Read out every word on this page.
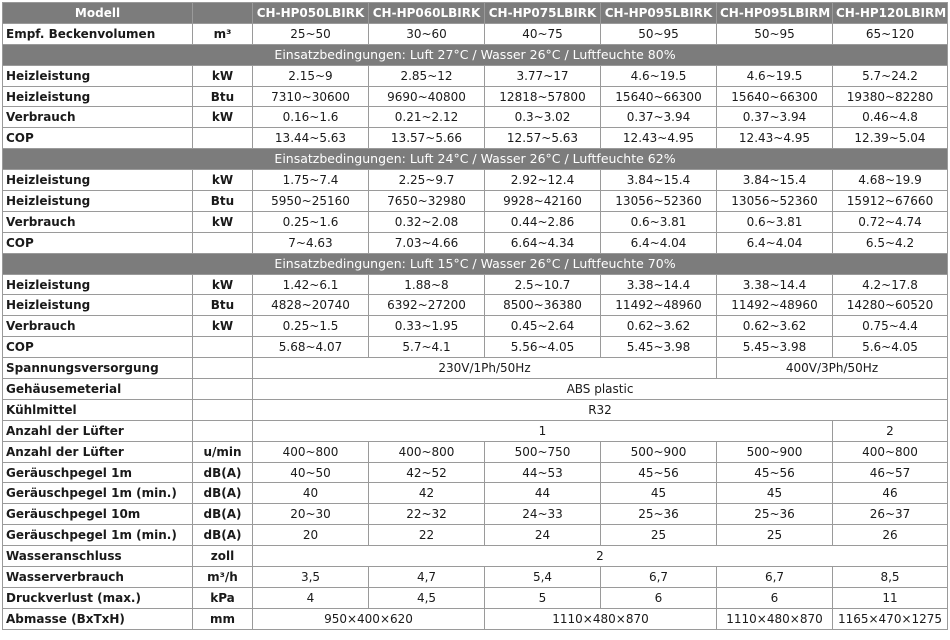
Modell		CH-HP050LBIRK	CH-HP060LBIRK	CH-HP075LBIRK	CH-HP095LBIRK	CH-HP095LBIRM	CH-HP120LBIRM
Empf. Beckenvolumen	m³	25~50	30~60	40~75	50~95	50~95	65~120
Einsatzbedingungen: Luft 27°C / Wasser 26°C / Luftfeuchte 80%							
Heizleistung	kW	2.15~9	2.85~12	3.77~17	4.6~19.5	4.6~19.5	5.7~24.2
Heizleistung	Btu	7310~30600	9690~40800	12818~57800	15640~66300	15640~66300	19380~82280
Verbrauch	kW	0.16~1.6	0.21~2.12	0.3~3.02	0.37~3.94	0.37~3.94	0.46~4.8
COP		13.44~5.63	13.57~5.66	12.57~5.63	12.43~4.95	12.43~4.95	12.39~5.04
Einsatzbedingungen: Luft 24°C / Wasser 26°C / Luftfeuchte 62%							
Heizleistung	kW	1.75~7.4	2.25~9.7	2.92~12.4	3.84~15.4	3.84~15.4	4.68~19.9
Heizleistung	Btu	5950~25160	7650~32980	9928~42160	13056~52360	13056~52360	15912~67660
Verbrauch	kW	0.25~1.6	0.32~2.08	0.44~2.86	0.6~3.81	0.6~3.81	0.72~4.74
COP		7~4.63	7.03~4.66	6.64~4.34	6.4~4.04	6.4~4.04	6.5~4.2
Einsatzbedingungen: Luft 15°C / Wasser 26°C / Luftfeuchte 70%							
Heizleistung	kW	1.42~6.1	1.88~8	2.5~10.7	3.38~14.4	3.38~14.4	4.2~17.8
Heizleistung	Btu	4828~20740	6392~27200	8500~36380	11492~48960	11492~48960	14280~60520
Verbrauch	kW	0.25~1.5	0.33~1.95	0.45~2.64	0.62~3.62	0.62~3.62	0.75~4.4
COP		5.68~4.07	5.7~4.1	5.56~4.05	5.45~3.98	5.45~3.98	5.6~4.05
Spannungsversorgung		230V/1Ph/50Hz				400V/3Ph/50Hz	
Gehäusemeterial		ABS plastic					
Kühlmittel		R32					
Anzahl der Lüfter		1					2
Anzahl der Lüfter	u/min	400~800	400~800	500~750	500~900	500~900	400~800
Geräuschpegel 1m	dB(A)	40~50	42~52	44~53	45~56	45~56	46~57
Geräuschpegel 1m (min.)	dB(A)	40	42	44	45	45	46
Geräuschpegel 10m	dB(A)	20~30	22~32	24~33	25~36	25~36	26~37
Geräuschpegel 1m (min.)	dB(A)	20	22	24	25	25	26
Wasseranschluss	zoll	2					
Wasserverbrauch	m³/h	3,5	4,7	5,4	6,7	6,7	8,5
Druckverlust (max.)	kPa	4	4,5	5	6	6	11
Abmasse (BxTxH)	mm	950×400×620		1110×480×870		1110×480×870	1165×470×1275
